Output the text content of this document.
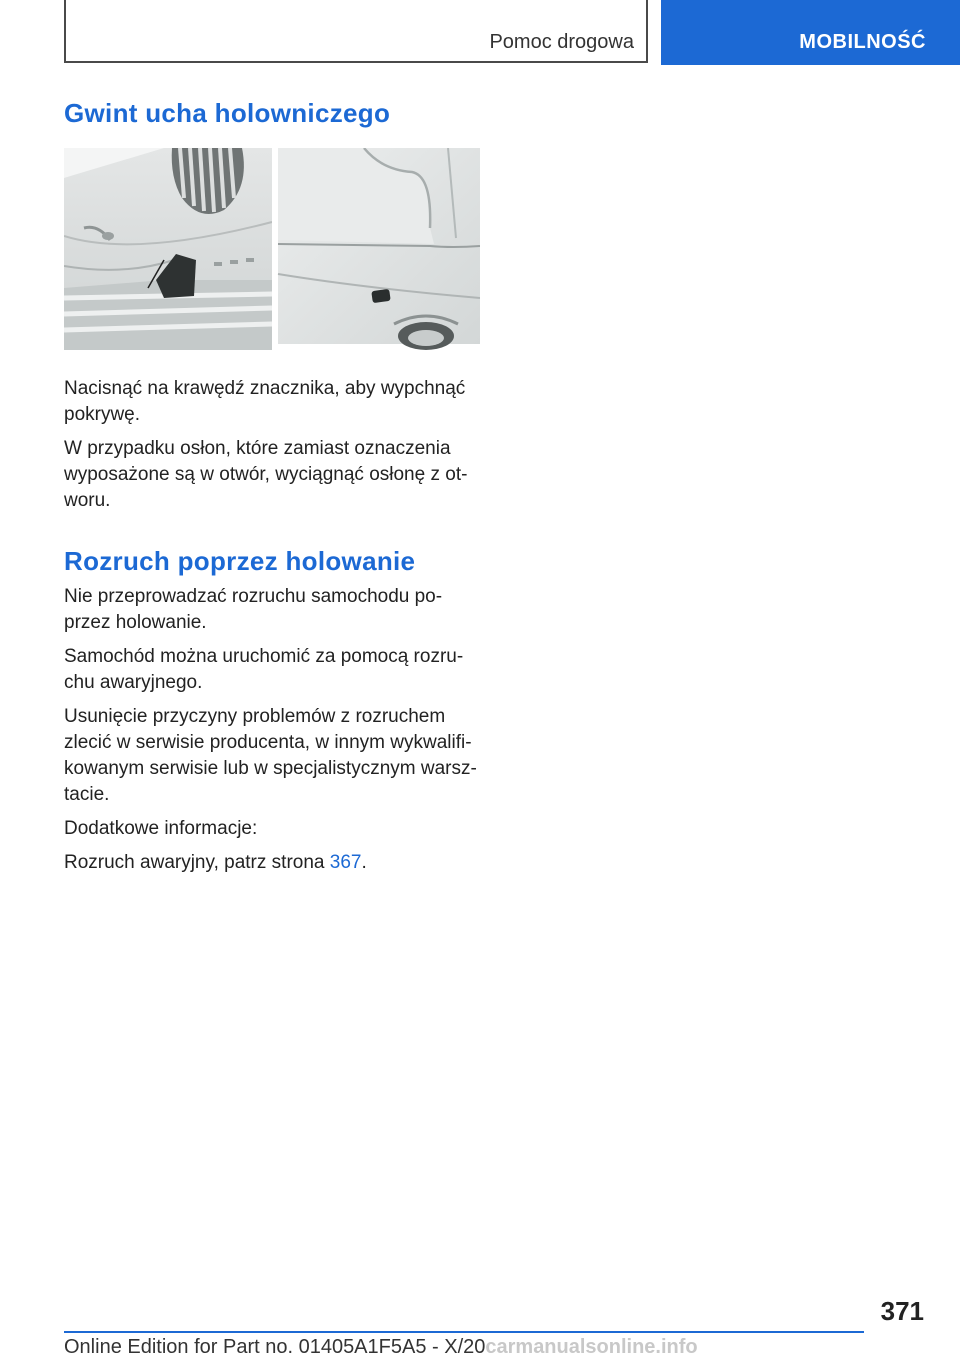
Pomoc drogowa	MOBILNOŚĆ
Gwint ucha holowniczego

Nacisnąć na krawędź znacznika, aby wypchnąć pokrywę.

W przypadku osłon, które zamiast oznaczenia wyposażone są w otwór, wyciągnąć osłonę z otworu.

Rozruch poprzez holowanie

Nie przeprowadzać rozruchu samochodu poprzez holowanie.

Samochód można uruchomić za pomocą rozruchu awaryjnego.

Usunięcie przyczyny problemów z rozruchem zlecić w serwisie producenta, w innym wykwalifikowanym serwisie lub w specjalistycznym warsztacie.

Dodatkowe informacje:

Rozruch awaryjny, patrz strona 367.

371
Online Edition for Part no. 01405A1F5A5 - X/20carmanualsonline.info
